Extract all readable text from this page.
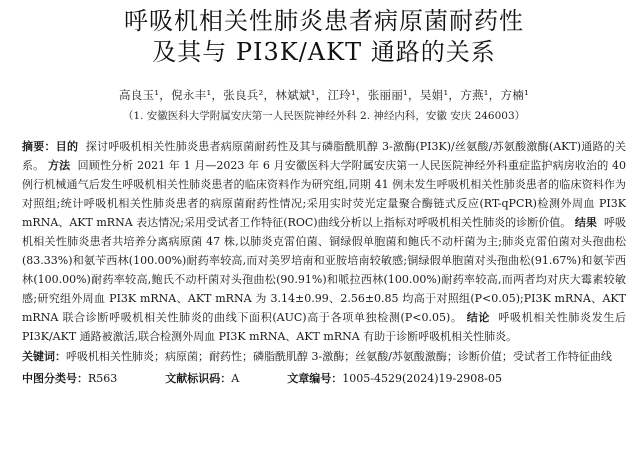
呼吸机相关性肺炎患者病原菌耐药性
及其与 PI3K/AKT 通路的关系
高良玉¹，倪永丰¹，张良兵²，林斌斌¹，江玲¹，张丽丽¹，吴娟¹，方燕¹，方楠¹
（1. 安徽医科大学附属安庆第一人民医院神经外科 2. 神经内科，安徽 安庆 246003）
摘要：目的 探讨呼吸机相关性肺炎患者病原菌耐药性及其与磷脂酰肌醇 3-激酶(PI3K)/丝氨酸/苏氨酸激酶(AKT)通路的关系。 方法 回顾性分析 2021 年 1 月—2023 年 6 月安徽医科大学附属安庆第一人民医院神经外科重症监护病房收治的 40 例行机械通气后发生呼吸机相关性肺炎患者的临床资料作为研究组,同期 41 例未发生呼吸机相关性肺炎患者的临床资料作为对照组;统计呼吸机相关性肺炎患者的病原菌耐药性情况;采用实时荧光定量聚合酶链式反应(RT-qPCR)检测外周血 PI3K mRNA、AKT mRNA 表达情况;采用受试者工作特征(ROC)曲线分析以上指标对呼吸机相关性肺炎的诊断价值。 结果 呼吸机相关性肺炎患者共培养分离病原菌 47 株,以肺炎克雷伯菌、铜绿假单胞菌和鲍氏不动杆菌为主;肺炎克雷伯菌对头孢曲松(83.33%)和氨苄西林(100.00%)耐药率较高,而对美罗培南和亚胺培南较敏感;铜绿假单胞菌对头孢曲松(91.67%)和氨苄西林(100.00%)耐药率较高,鲍氏不动杆菌对头孢曲松(90.91%)和哌拉西林(100.00%)耐药率较高,而两者均对庆大霉素较敏感;研究组外周血 PI3K mRNA、AKT mRNA 为 3.14±0.99、2.56±0.85 均高于对照组(P<0.05);PI3K mRNA、AKT mRNA 联合诊断呼吸机相关性肺炎的曲线下面积(AUC)高于各项单独检测(P<0.05)。 结论 呼吸机相关性肺炎发生后 PI3K/AKT 通路被激活,联合检测外周血 PI3K mRNA、AKT mRNA 有助于诊断呼吸机相关性肺炎。
关键词：呼吸机相关性肺炎；病原菌；耐药性；磷脂酰肌醇 3-激酶；丝氨酸/苏氨酸激酶；诊断价值；受试者工作特征曲线
中图分类号：R563	文献标识码：A	文章编号：1005-4529(2024)19-2908-05
